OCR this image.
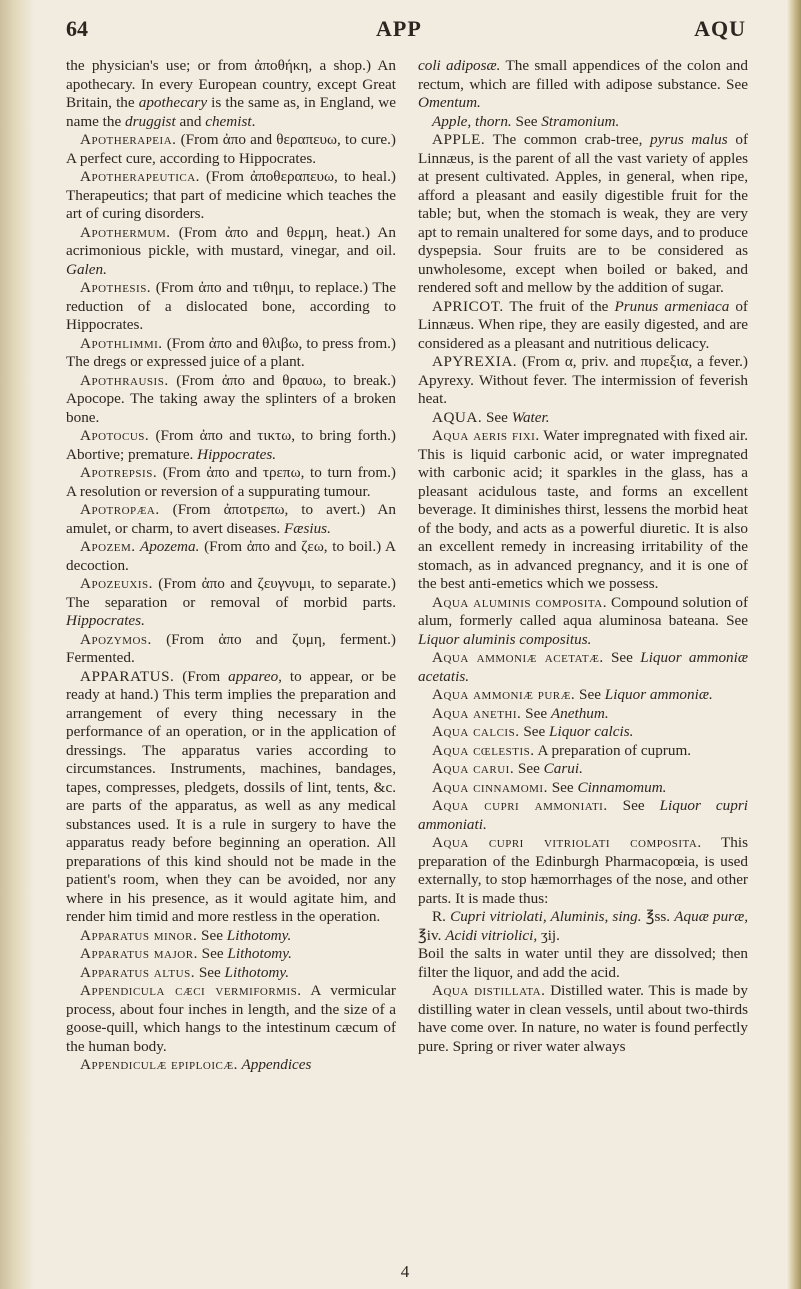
64	APP	AQU

the physician's use; or from ἀποθήκη, a shop.) An apothecary. In every European country, except Great Britain, the apothecary is the same as, in England, we name the druggist and chemist.

Apotherapeia. (From ἀπο and θεραπευω, to cure.) A perfect cure, according to Hippocrates.

Apotherapeutica. (From ἀποθεραπευω, to heal.) Therapeutics; that part of medicine which teaches the art of curing disorders.

Apothermum. (From ἀπο and θερμη, heat.) An acrimonious pickle, with mustard, vinegar, and oil. Galen.

Apothesis. (From ἀπο and τιθημι, to replace.) The reduction of a dislocated bone, according to Hippocrates.

Apothlimmi. (From ἀπο and θλιβω, to press from.) The dregs or expressed juice of a plant.

Apothrausis. (From ἀπο and θραυω, to break.) Apocope. The taking away the splinters of a broken bone.

Apotocus. (From ἀπο and τικτω, to bring forth.) Abortive; premature. Hippocrates.

Apotrepsis. (From ἀπο and τρεπω, to turn from.) A resolution or reversion of a suppurating tumour.

Apotropæa. (From ἀποτρεπω, to avert.) An amulet, or charm, to avert diseases. Fæsius.

Apozem. Apozema. (From ἀπο and ζεω, to boil.) A decoction.

Apozeuxis. (From ἀπο and ζευγνυμι, to separate.) The separation or removal of morbid parts. Hippocrates.

Apozymos. (From ἀπο and ζυμη, ferment.) Fermented.

APPARATUS. (From appareo, to appear, or be ready at hand.) This term implies the preparation and arrangement of every thing necessary in the performance of an operation, or in the application of dressings. The apparatus varies according to circumstances. Instruments, machines, bandages, tapes, compresses, pledgets, dossils of lint, tents, &c. are parts of the apparatus, as well as any medical substances used. It is a rule in surgery to have the apparatus ready before beginning an operation. All preparations of this kind should not be made in the patient's room, when they can be avoided, nor any where in his presence, as it would agitate him, and render him timid and more restless in the operation.

Apparatus minor. See Lithotomy.

Apparatus major. See Lithotomy.

Apparatus altus. See Lithotomy.

Appendicula cæci vermiformis. A vermicular process, about four inches in length, and the size of a goose-quill, which hangs to the intestinum cæcum of the human body.

Appendiculæ epiploicæ. Appendices

coli adiposæ. The small appendices of the colon and rectum, which are filled with adipose substance. See Omentum.

Apple, thorn. See Stramonium.

APPLE. The common crab-tree, pyrus malus of Linnæus, is the parent of all the vast variety of apples at present cultivated. Apples, in general, when ripe, afford a pleasant and easily digestible fruit for the table; but, when the stomach is weak, they are very apt to remain unaltered for some days, and to produce dyspepsia. Sour fruits are to be considered as unwholesome, except when boiled or baked, and rendered soft and mellow by the addition of sugar.

APRICOT. The fruit of the Prunus armeniaca of Linnæus. When ripe, they are easily digested, and are considered as a pleasant and nutritious delicacy.

APYREXIA. (From α, priv. and πυρεξια, a fever.) Apyrexy. Without fever. The intermission of feverish heat.

AQUA. See Water.

Aqua aeris fixi. Water impregnated with fixed air. This is liquid carbonic acid, or water impregnated with carbonic acid; it sparkles in the glass, has a pleasant acidulous taste, and forms an excellent beverage. It diminishes thirst, lessens the morbid heat of the body, and acts as a powerful diuretic. It is also an excellent remedy in increasing irritability of the stomach, as in advanced pregnancy, and it is one of the best anti-emetics which we possess.

Aqua aluminis composita. Compound solution of alum, formerly called aqua aluminosa bateana. See Liquor aluminis compositus.

Aqua ammoniæ acetatæ. See Liquor ammoniæ acetatis.

Aqua ammoniæ puræ. See Liquor ammoniæ.

Aqua anethi. See Anethum.

Aqua calcis. See Liquor calcis.

Aqua cœlestis. A preparation of cuprum.

Aqua carui. See Carui.

Aqua cinnamomi. See Cinnamomum.

Aqua cupri ammoniati. See Liquor cupri ammoniati.

Aqua cupri vitriolati composita. This preparation of the Edinburgh Pharmacopœia, is used externally, to stop hæmorrhages of the nose, and other parts. It is made thus:

R. Cupri vitriolati, Aluminis, sing. ℥ss. Aquæ puræ, ℥iv. Acidi vitriolici, ʒij.

Boil the salts in water until they are dissolved; then filter the liquor, and add the acid.

Aqua distillata. Distilled water. This is made by distilling water in clean vessels, until about two-thirds have come over. In nature, no water is found perfectly pure. Spring or river water always

4
